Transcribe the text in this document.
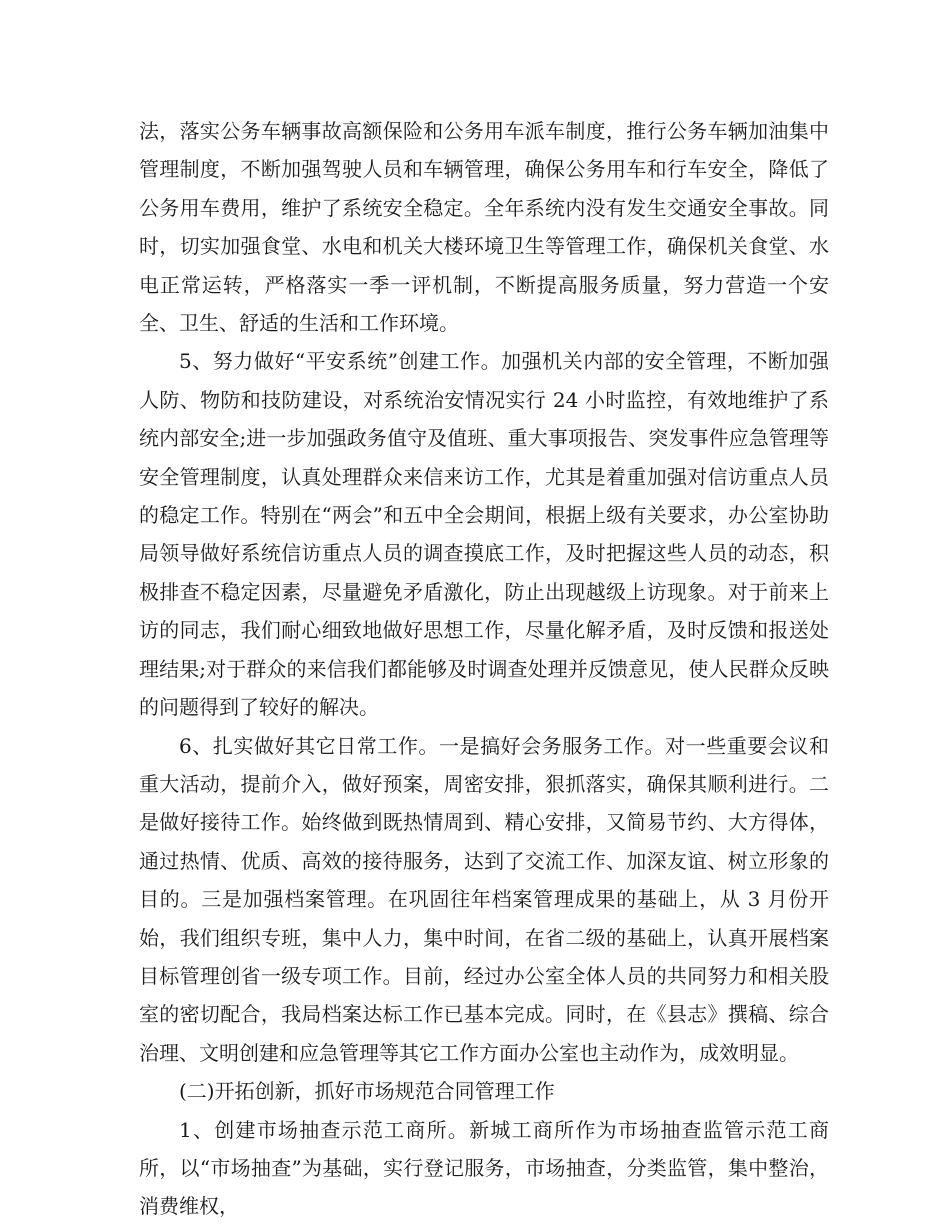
法，落实公务车辆事故高额保险和公务用车派车制度，推行公务车辆加油集中管理制度，不断加强驾驶人员和车辆管理，确保公务用车和行车安全，降低了公务用车费用，维护了系统安全稳定。全年系统内没有发生交通安全事故。同时，切实加强食堂、水电和机关大楼环境卫生等管理工作，确保机关食堂、水电正常运转，严格落实一季一评机制，不断提高服务质量，努力营造一个安全、卫生、舒适的生活和工作环境。

5、努力做好“平安系统”创建工作。加强机关内部的安全管理，不断加强人防、物防和技防建设，对系统治安情况实行 24 小时监控，有效地维护了系统内部安全;进一步加强政务值守及值班、重大事项报告、突发事件应急管理等安全管理制度，认真处理群众来信来访工作，尤其是着重加强对信访重点人员的稳定工作。特别在“两会”和五中全会期间，根据上级有关要求，办公室协助局领导做好系统信访重点人员的调查摸底工作，及时把握这些人员的动态，积极排查不稳定因素，尽量避免矛盾激化，防止出现越级上访现象。对于前来上访的同志，我们耐心细致地做好思想工作，尽量化解矛盾，及时反馈和报送处理结果;对于群众的来信我们都能够及时调查处理并反馈意见，使人民群众反映的问题得到了较好的解决。

6、扎实做好其它日常工作。一是搞好会务服务工作。对一些重要会议和重大活动，提前介入，做好预案，周密安排，狠抓落实，确保其顺利进行。二是做好接待工作。始终做到既热情周到、精心安排，又简易节约、大方得体，通过热情、优质、高效的接待服务，达到了交流工作、加深友谊、树立形象的目的。三是加强档案管理。在巩固往年档案管理成果的基础上，从 3 月份开始，我们组织专班，集中人力，集中时间，在省二级的基础上，认真开展档案目标管理创省一级专项工作。目前，经过办公室全体人员的共同努力和相关股室的密切配合，我局档案达标工作已基本完成。同时，在《县志》撰稿、综合治理、文明创建和应急管理等其它工作方面办公室也主动作为，成效明显。

(二)开拓创新，抓好市场规范合同管理工作

1、创建市场抽查示范工商所。新城工商所作为市场抽查监管示范工商所，以“市场抽查”为基础，实行登记服务，市场抽查，分类监管，集中整治，消费维权，
